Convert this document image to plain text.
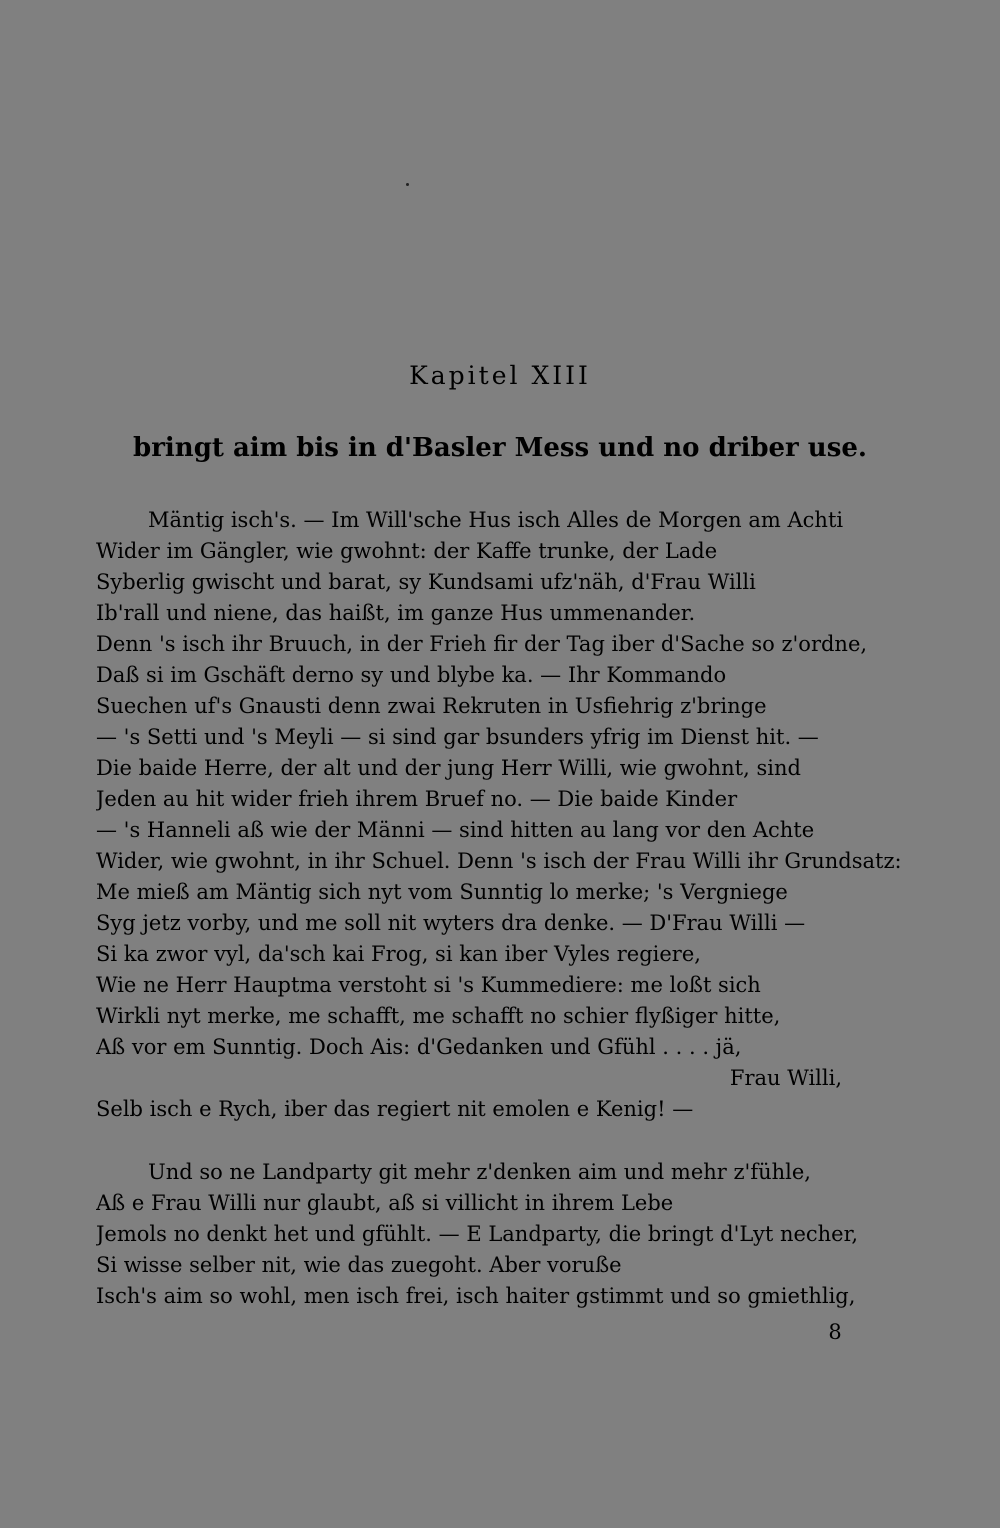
Kapitel XIII
bringt aim bis in d'Basler Mess und no driber use.
Mäntig isch's. — Im Will'sche Hus isch Alles de Morgen am Achti
Wider im Gängler, wie gwohnt: der Kaffe trunke, der Lade
Syberlig gwischt und barat, sy Kundsami ufz'näh, d'Frau Willi
Ib'rall und niene, das haißt, im ganze Hus ummenander.
Denn 's isch ihr Bruuch, in der Frieh fir der Tag iber d'Sache so z'ordne,
Daß si im Gschäft derno sy und blybe ka. — Ihr Kommando
Suechen uf's Gnausti denn zwai Rekruten in Usfiehrig z'bringe
— 's Setti und 's Meyli — si sind gar bsunders yfrig im Dienst hit. —
Die baide Herre, der alt und der jung Herr Willi, wie gwohnt, sind
Jeden au hit wider frieh ihrem Bruef no. — Die baide Kinder
— 's Hanneli aß wie der Männi — sind hitten au lang vor den Achte
Wider, wie gwohnt, in ihr Schuel. Denn 's isch der Frau Willi ihr Grundsatz:
Me mieß am Mäntig sich nyt vom Sunntig lo merke; 's Vergniege
Syg jetz vorby, und me soll nit wyters dra denke. — D'Frau Willi —
Si ka zwor vyl, da'sch kai Frog, si kan iber Vyles regiere,
Wie ne Herr Hauptma verstoht si 's Kummediere: me loßt sich
Wirkli nyt merke, me schafft, me schafft no schier flyßiger hitte,
Aß vor em Sunntig. Doch Ais: d'Gedanken und Gfühl . . . . jä,
Frau Willi,
Selb isch e Rych, iber das regiert nit emolen e Kenig! —
Und so ne Landparty git mehr z'denken aim und mehr z'fühle,
Aß e Frau Willi nur glaubt, aß si villicht in ihrem Lebe
Jemols no denkt het und gfühlt. — E Landparty, die bringt d'Lyt necher,
Si wisse selber nit, wie das zuegoht. Aber voruße
Isch's aim so wohl, men isch frei, isch haiter gstimmt und so gmiethlig,
8
